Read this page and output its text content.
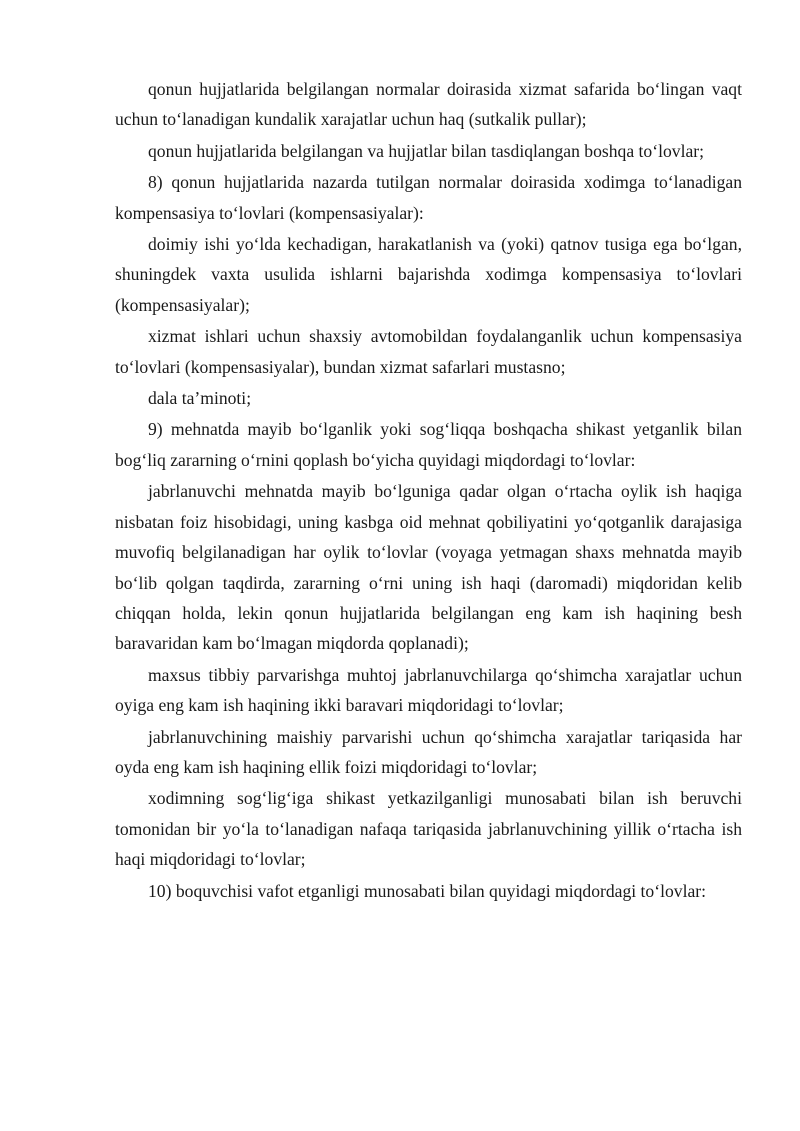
qonun hujjatlarida belgilangan normalar doirasida xizmat safarida bo‘lingan vaqt uchun to‘lanadigan kundalik xarajatlar uchun haq (sutkalik pullar);

qonun hujjatlarida belgilangan va hujjatlar bilan tasdiqlangan boshqa to‘lovlar;

8) qonun hujjatlarida nazarda tutilgan normalar doirasida xodimga to‘lanadigan kompensasiya to‘lovlari (kompensasiyalar):

doimiy ishi yo‘lda kechadigan, harakatlanish va (yoki) qatnov tusiga ega bo‘lgan, shuningdek vaxta usulida ishlarni bajarishda xodimga kompensasiya to‘lovlari (kompensasiyalar);

xizmat ishlari uchun shaxsiy avtomobildan foydalanganlik uchun kompensasiya to‘lovlari (kompensasiyalar), bundan xizmat safarlari mustasno;

dala ta’minoti;

9) mehnatda mayib bo‘lganlik yoki sog‘liqqa boshqacha shikast yetganlik bilan bog‘liq zararning o‘rnini qoplash bo‘yicha quyidagi miqdordagi to‘lovlar:

jabrlanuvchi mehnatda mayib bo‘lguniga qadar olgan o‘rtacha oylik ish haqiga nisbatan foiz hisobidagi, uning kasbga oid mehnat qobiliyatini yo‘qotganlik darajasiga muvofiq belgilanadigan har oylik to‘lovlar (voyaga yetmagan shaxs mehnatda mayib bo‘lib qolgan taqdirda, zararning o‘rni uning ish haqi (daromadi) miqdoridan kelib chiqqan holda, lekin qonun hujjatlarida belgilangan eng kam ish haqining besh baravaridan kam bo‘lmagan miqdorda qoplanadi);

maxsus tibbiy parvarishga muhtoj jabrlanuvchilarga qo‘shimcha xarajatlar uchun oyiga eng kam ish haqining ikki baravari miqdoridagi to‘lovlar;

jabrlanuvchining maishiy parvarishi uchun qo‘shimcha xarajatlar tariqasida har oyda eng kam ish haqining ellik foizi miqdoridagi to‘lovlar;

xodimning sog‘lig‘iga shikast yetkazilganligi munosabati bilan ish beruvchi tomonidan bir yo‘la to‘lanadigan nafaqa tariqasida jabrlanuvchining yillik o‘rtacha ish haqi miqdoridagi to‘lovlar;

10) boquvchisi vafot etganligi munosabati bilan quyidagi miqdordagi to‘lovlar:
